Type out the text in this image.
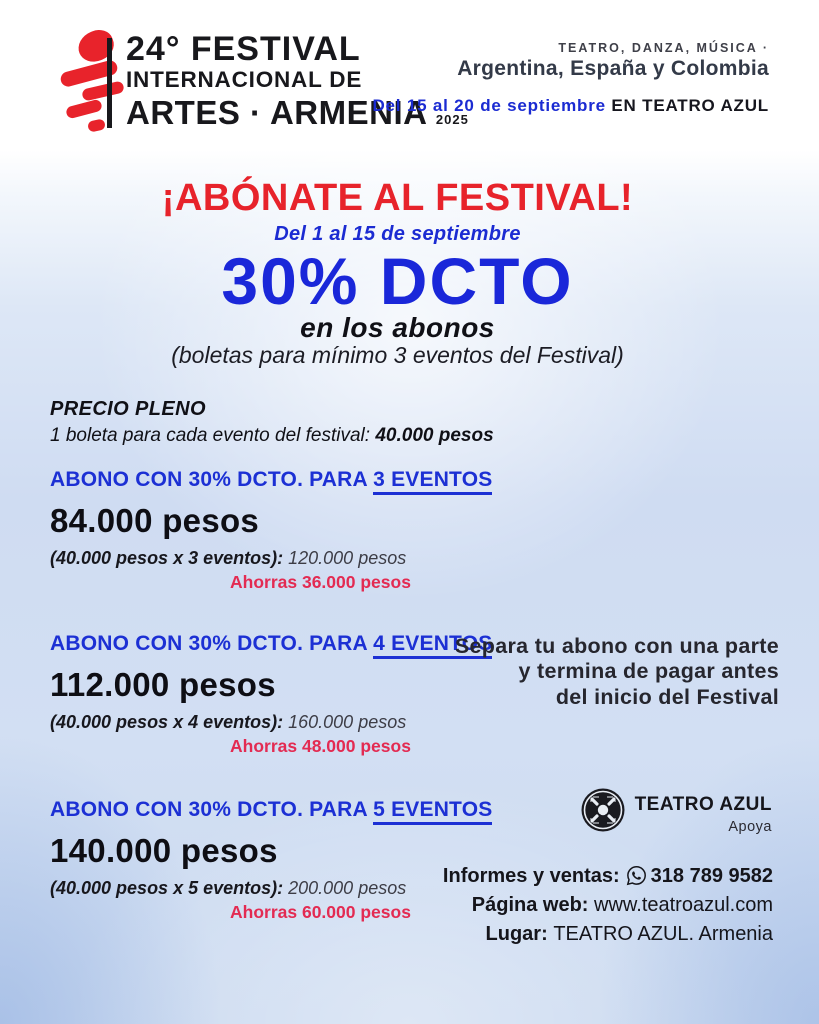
24° FESTIVAL
INTERNACIONAL DE
ARTES · ARMENIA 2025
TEATRO, DANZA, MÚSICA ·
Argentina, España y Colombia
Del 15 al 20 de septiembre EN TEATRO AZUL
¡ABÓNATE AL FESTIVAL!
Del 1 al 15 de septiembre
30% DCTO
en los abonos
(boletas para mínimo 3 eventos del Festival)
PRECIO PLENO
1 boleta para cada evento del festival: 40.000 pesos
ABONO CON 30% DCTO. PARA 3 EVENTOS
84.000 pesos
(40.000 pesos x 3 eventos): 120.000 pesos
Ahorras 36.000 pesos
ABONO CON 30% DCTO. PARA 4 EVENTOS
112.000 pesos
(40.000 pesos x 4 eventos): 160.000 pesos
Ahorras 48.000 pesos
ABONO CON 30% DCTO. PARA 5 EVENTOS
140.000 pesos
(40.000 pesos x 5 eventos): 200.000 pesos
Ahorras 60.000 pesos
Separa tu abono con una parte
y termina de pagar antes
del inicio del Festival
TEATRO AZUL
Apoya
Informes y ventas: 318 789 9582
Página web: www.teatroazul.com
Lugar: TEATRO AZUL. Armenia
